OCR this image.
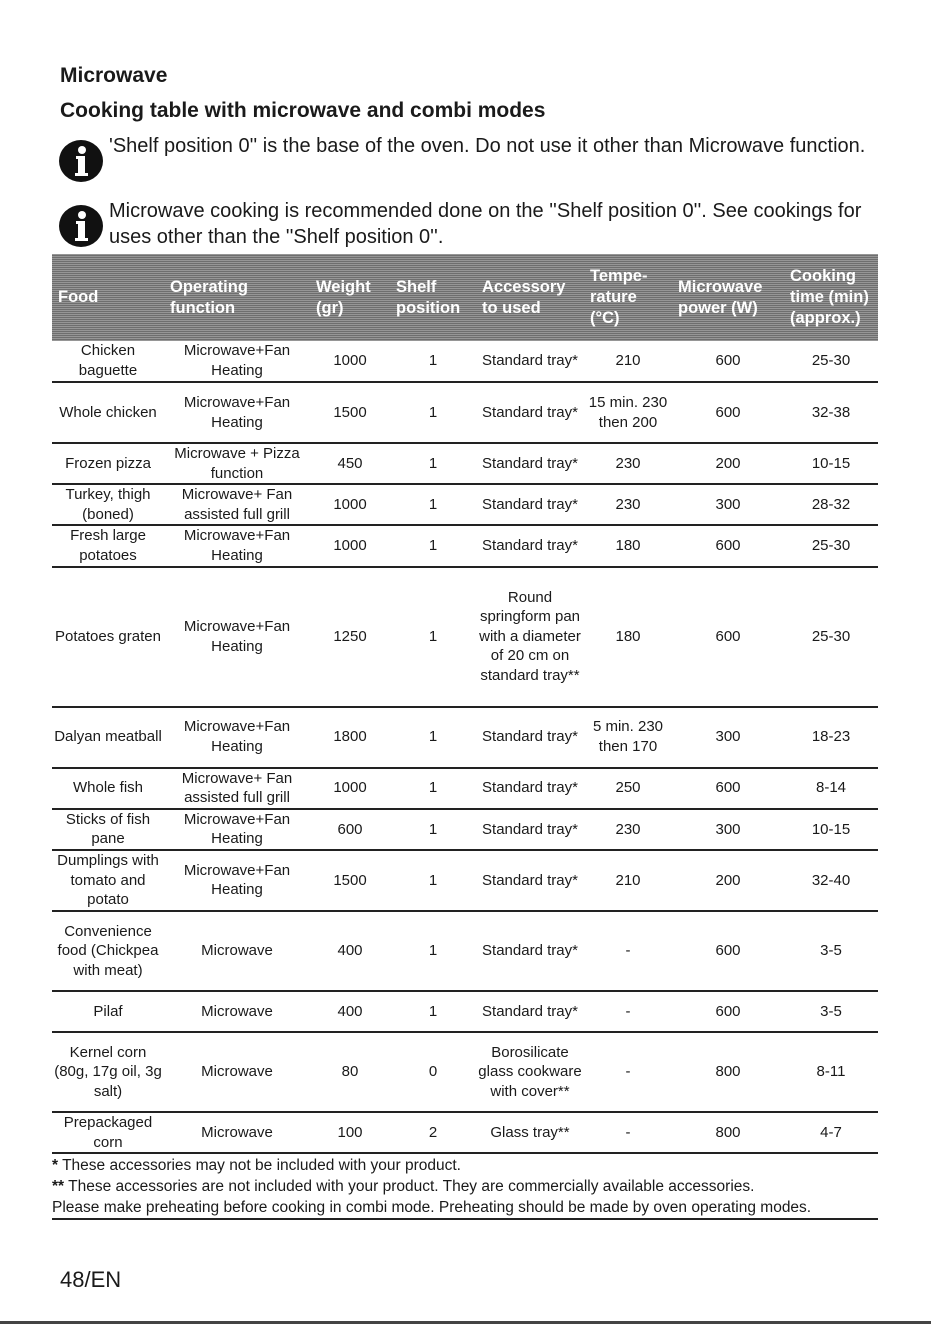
Microwave
Cooking table with microwave and combi modes
'Shelf position 0'' is the base of the oven. Do not use it other than Microwave function.
Microwave cooking is recommended done on the ''Shelf position 0''. See cookings for uses other than the ''Shelf position 0''.
Food	Operating function	Weight (gr)	Shelf position	Accessory to used	Tempe- rature (°C)	Microwave power (W)	Cooking time (min) (approx.)
Chicken baguette	Microwave+Fan Heating	1000	1	Standard tray*	210	600	25-30
Whole chicken	Microwave+Fan Heating	1500	1	Standard tray*	15 min. 230 then 200	600	32-38
Frozen pizza	Microwave + Pizza function	450	1	Standard tray*	230	200	10-15
Turkey, thigh (boned)	Microwave+ Fan assisted full grill	1000	1	Standard tray*	230	300	28-32
Fresh large potatoes	Microwave+Fan Heating	1000	1	Standard tray*	180	600	25-30
Potatoes graten	Microwave+Fan Heating	1250	1	Round springform pan with a diameter of 20 cm on standard tray**	180	600	25-30
Dalyan meatball	Microwave+Fan Heating	1800	1	Standard tray*	5 min. 230 then 170	300	18-23
Whole fish	Microwave+ Fan assisted full grill	1000	1	Standard tray*	250	600	8-14
Sticks of fish pane	Microwave+Fan Heating	600	1	Standard tray*	230	300	10-15
Dumplings with tomato and potato	Microwave+Fan Heating	1500	1	Standard tray*	210	200	32-40
Convenience food (Chickpea with meat)	Microwave	400	1	Standard tray*	-	600	3-5
Pilaf	Microwave	400	1	Standard tray*	-	600	3-5
Kernel corn (80g, 17g oil, 3g salt)	Microwave	80	0	Borosilicate glass cookware with cover**	-	800	8-11
Prepackaged corn	Microwave	100	2	Glass tray**	-	800	4-7

* These accessories may not be included with your product.

** These accessories are not included with your product. They are commercially available accessories.

Please make preheating before cooking in combi mode. Preheating should be made by oven operating modes.

48/EN
